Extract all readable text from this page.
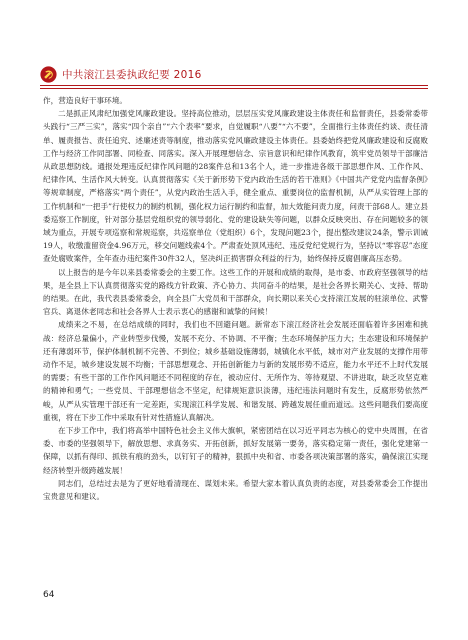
中共滚江县委执政纪要 2016

作，营造良好干事环境。

二是抓正风肃纪加强党风廉政建设。坚持高位推动，层层压实党风廉政建设主体责任和监督责任，县委常委带头践行“三严三实”，落实“四个亲自”“六个表率”要求，自觉履职“八要”“六不要”，全面推行主体责任约谈、责任清单、履责报告、责任追究、述廉述责等制度，推动落实党风廉政建设主体责任。县委始终把党风廉政建设和反腐败工作与经济工作同部署、同检查、同落实。深入开展理想信念、宗旨意识和纪律作风教育，筑牢党员领导干部廉洁从政思想防线。通报处理违反纪律作风问题的28案件总和13名个人，进一步推进各级干部思想作风、工作作风、纪律作风、生活作风大转变。认真贯彻落实《关于新形势下党内政治生活的若干准则》《中国共产党党内监督条例》等规章制度，严格落实“两个责任”，从党内政治生活入手，健全重点、重要岗位的监督机制，从严从实管理上部的工作机制和“一把手”行使权力的制约机制，强化权力运行制约和监督，加大效能问责力度，问责干部68人。建立县委巡察工作制度，针对部分基层党组织党的领导弱化、党的建设缺失等问题，以群众反映突出、存在问题较多的领域为重点，开展专项巡察和常规巡察，共巡察单位（党组织）6个，发现问题23个，提出整改建议24条，警示训诫19人，收缴滥留资金4.96万元，移交问题线索4个。严肃查处顶风违纪、违反党纪党规行为，坚持以“零容忍”态度查处腐败案件，全年查办违纪案件30件32人，坚决纠正损害群众利益的行为，始终保持反腐倡廉高压态势。

以上报告的是今年以来县委常委会的主要工作。这些工作的开展和成绩的取得，是市委、市政府坚强领导的结果，是全县上下认真贯彻落实党的路线方针政策、齐心协力、共同奋斗的结果，是社会各界长期关心、支持、帮助的结果。在此，我代表县委常委会，向全县广大党员和干部群众，向长期以来关心支持滚江发展的驻滚单位、武警官兵、离退休老同志和社会各界人士表示衷心的感谢和诚挚的问候！

成绩来之不易，在总结成绩的同时，我们也不回避问题。新常态下滚江经济社会发展还面临着许多困难和挑战：经济总量偏小，产业转型步伐慢，发展不充分、不协调、不平衡；生态环境保护压力大；生态建设和环境保护还有薄弱环节，保护体制机制不完善、不到位；城乡基础设施薄弱，城镇化水平低，城市对产业发展的支撑作用带动作不足，城乡建设发展不均衡；干部思想观念、开拓创新能力与新的发展形势不适应，能力水平还不上时代发展的需要；有些干部的工作作风问题还不同程度的存在，被动应付、无所作为、等待观望、不讲进取，缺乏攻坚克难的精神和勇气；一些党员、干部理想信念不坚定，纪律规矩意识淡薄，违纪违法问题时有发生，反腐形势依然严峻，从严从实管理干部还有一定差距，实现滚江科学发展、和谐发展、跨越发展任重而道远。这些问题我们要高度重视，将在下步工作中采取有针对性措施认真解决。

在下步工作中，我们将高举中国特色社会主义伟大旗帜，紧密团结在以习近平同志为核心的党中央周围，在省委、市委的坚强领导下，解放思想、求真务实、开拓创新，抓好发展第一要务，落实稳定第一责任，强化党建第一保障，以抓有得印、抓铁有痕的劲头，以钉钉子的精神，狠抓中央和省、市委各项决策部署的落实，确保滚江实现经济转型升级跨越发展！

同志们，总结过去是为了更好地看清现在、谋划未来。希望大家本着认真负责的态度，对县委常委会工作提出宝贵意见和建议。

64
